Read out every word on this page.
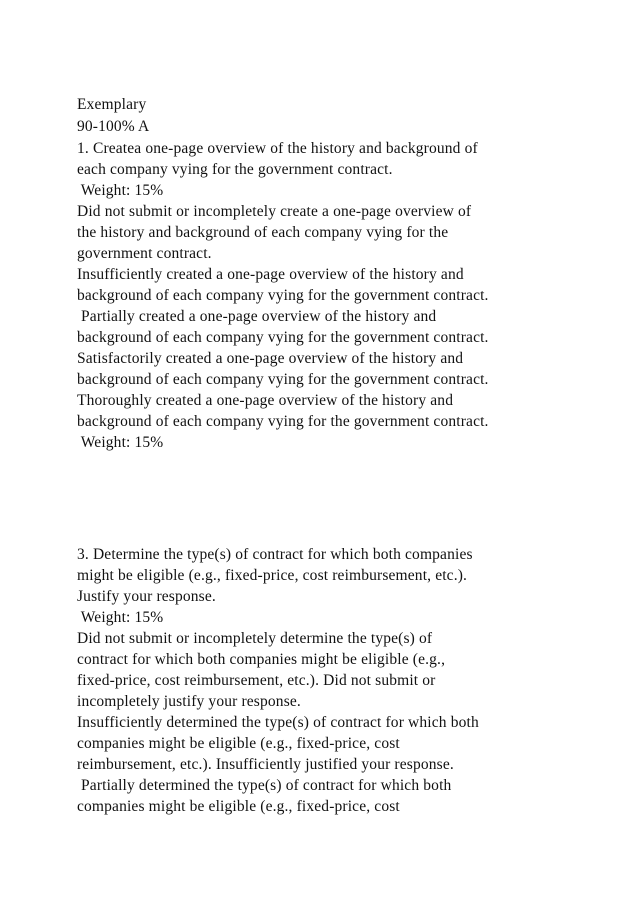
Exemplary
90-100% A
1. Createa one-page overview of the history and background of
each company vying for the government contract.
Weight: 15%
Did not submit or incompletely create a one-page overview of
the history and background of each company vying for the
government contract.
Insufficiently created a one-page overview of the history and
background of each company vying for the government contract.
Partially created a one-page overview of the history and
background of each company vying for the government contract.
Satisfactorily created a one-page overview of the history and
background of each company vying for the government contract.
Thoroughly created a one-page overview of the history and
background of each company vying for the government contract.
Weight: 15%
3. Determine the type(s) of contract for which both companies
might be eligible (e.g., fixed-price, cost reimbursement, etc.).
Justify your response.
Weight: 15%
Did not submit or incompletely determine the type(s) of
contract for which both companies might be eligible (e.g.,
fixed-price, cost reimbursement, etc.). Did not submit or
incompletely justify your response.
Insufficiently determined the type(s) of contract for which both
companies might be eligible (e.g., fixed-price, cost
reimbursement, etc.). Insufficiently justified your response.
Partially determined the type(s) of contract for which both
companies might be eligible (e.g., fixed-price, cost
